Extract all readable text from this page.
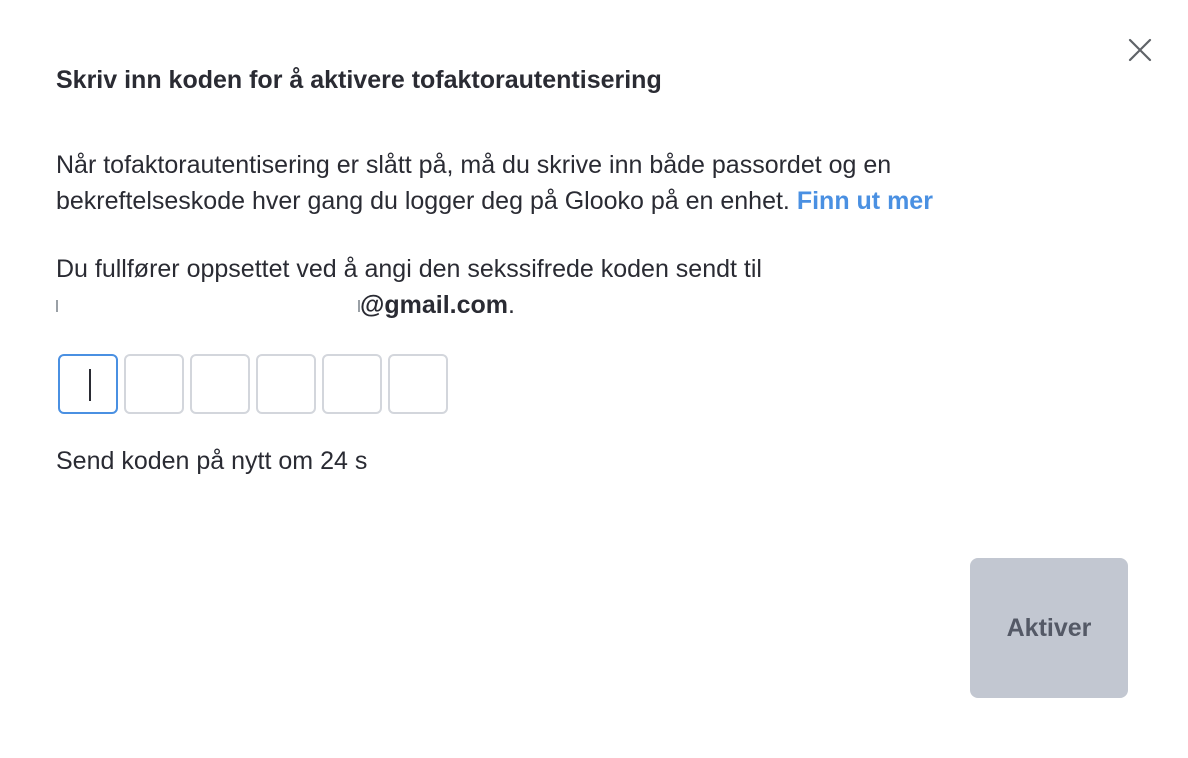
Skriv inn koden for å aktivere tofaktorautentisering
Når tofaktorautentisering er slått på, må du skrive inn både passordet og en bekreftelseskode hver gang du logger deg på Glooko på en enhet. Finn ut mer
Du fullfører oppsettet ved å angi den sekssifrede koden sendt til
@gmail.com.
Send koden på nytt om 24 s
Aktiver
